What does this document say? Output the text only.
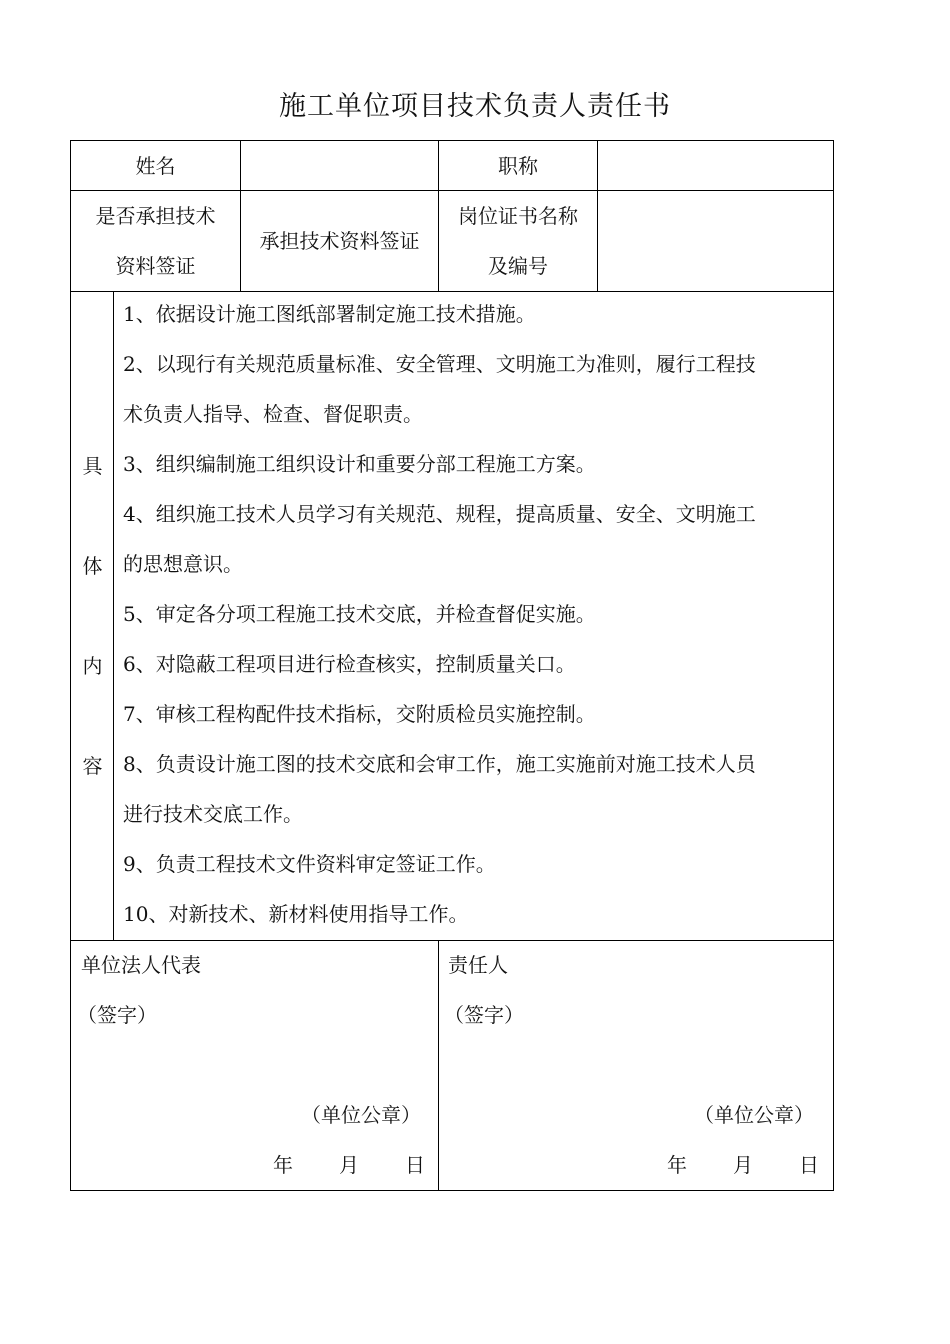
施工单位项目技术负责人责任书
姓名	职称
是否承担技术
资料签证
承担技术资料签证
岗位证书名称
及编号
具
体
内
容
1、依据设计施工图纸部署制定施工技术措施。
2、以现行有关规范质量标准、安全管理、文明施工为准则，履行工程技
术负责人指导、检查、督促职责。
3、组织编制施工组织设计和重要分部工程施工方案。
4、组织施工技术人员学习有关规范、规程，提高质量、安全、文明施工
的思想意识。
5、审定各分项工程施工技术交底，并检查督促实施。
6、对隐蔽工程项目进行检查核实，控制质量关口。
7、审核工程构配件技术指标，交附质检员实施控制。
8、负责设计施工图的技术交底和会审工作，施工实施前对施工技术人员
进行技术交底工作。
9、负责工程技术文件资料审定签证工作。
10、对新技术、新材料使用指导工作。
单位法人代表
（签字）
（单位公章）
年 月 日
责任人
（签字）
（单位公章）
年 月 日
